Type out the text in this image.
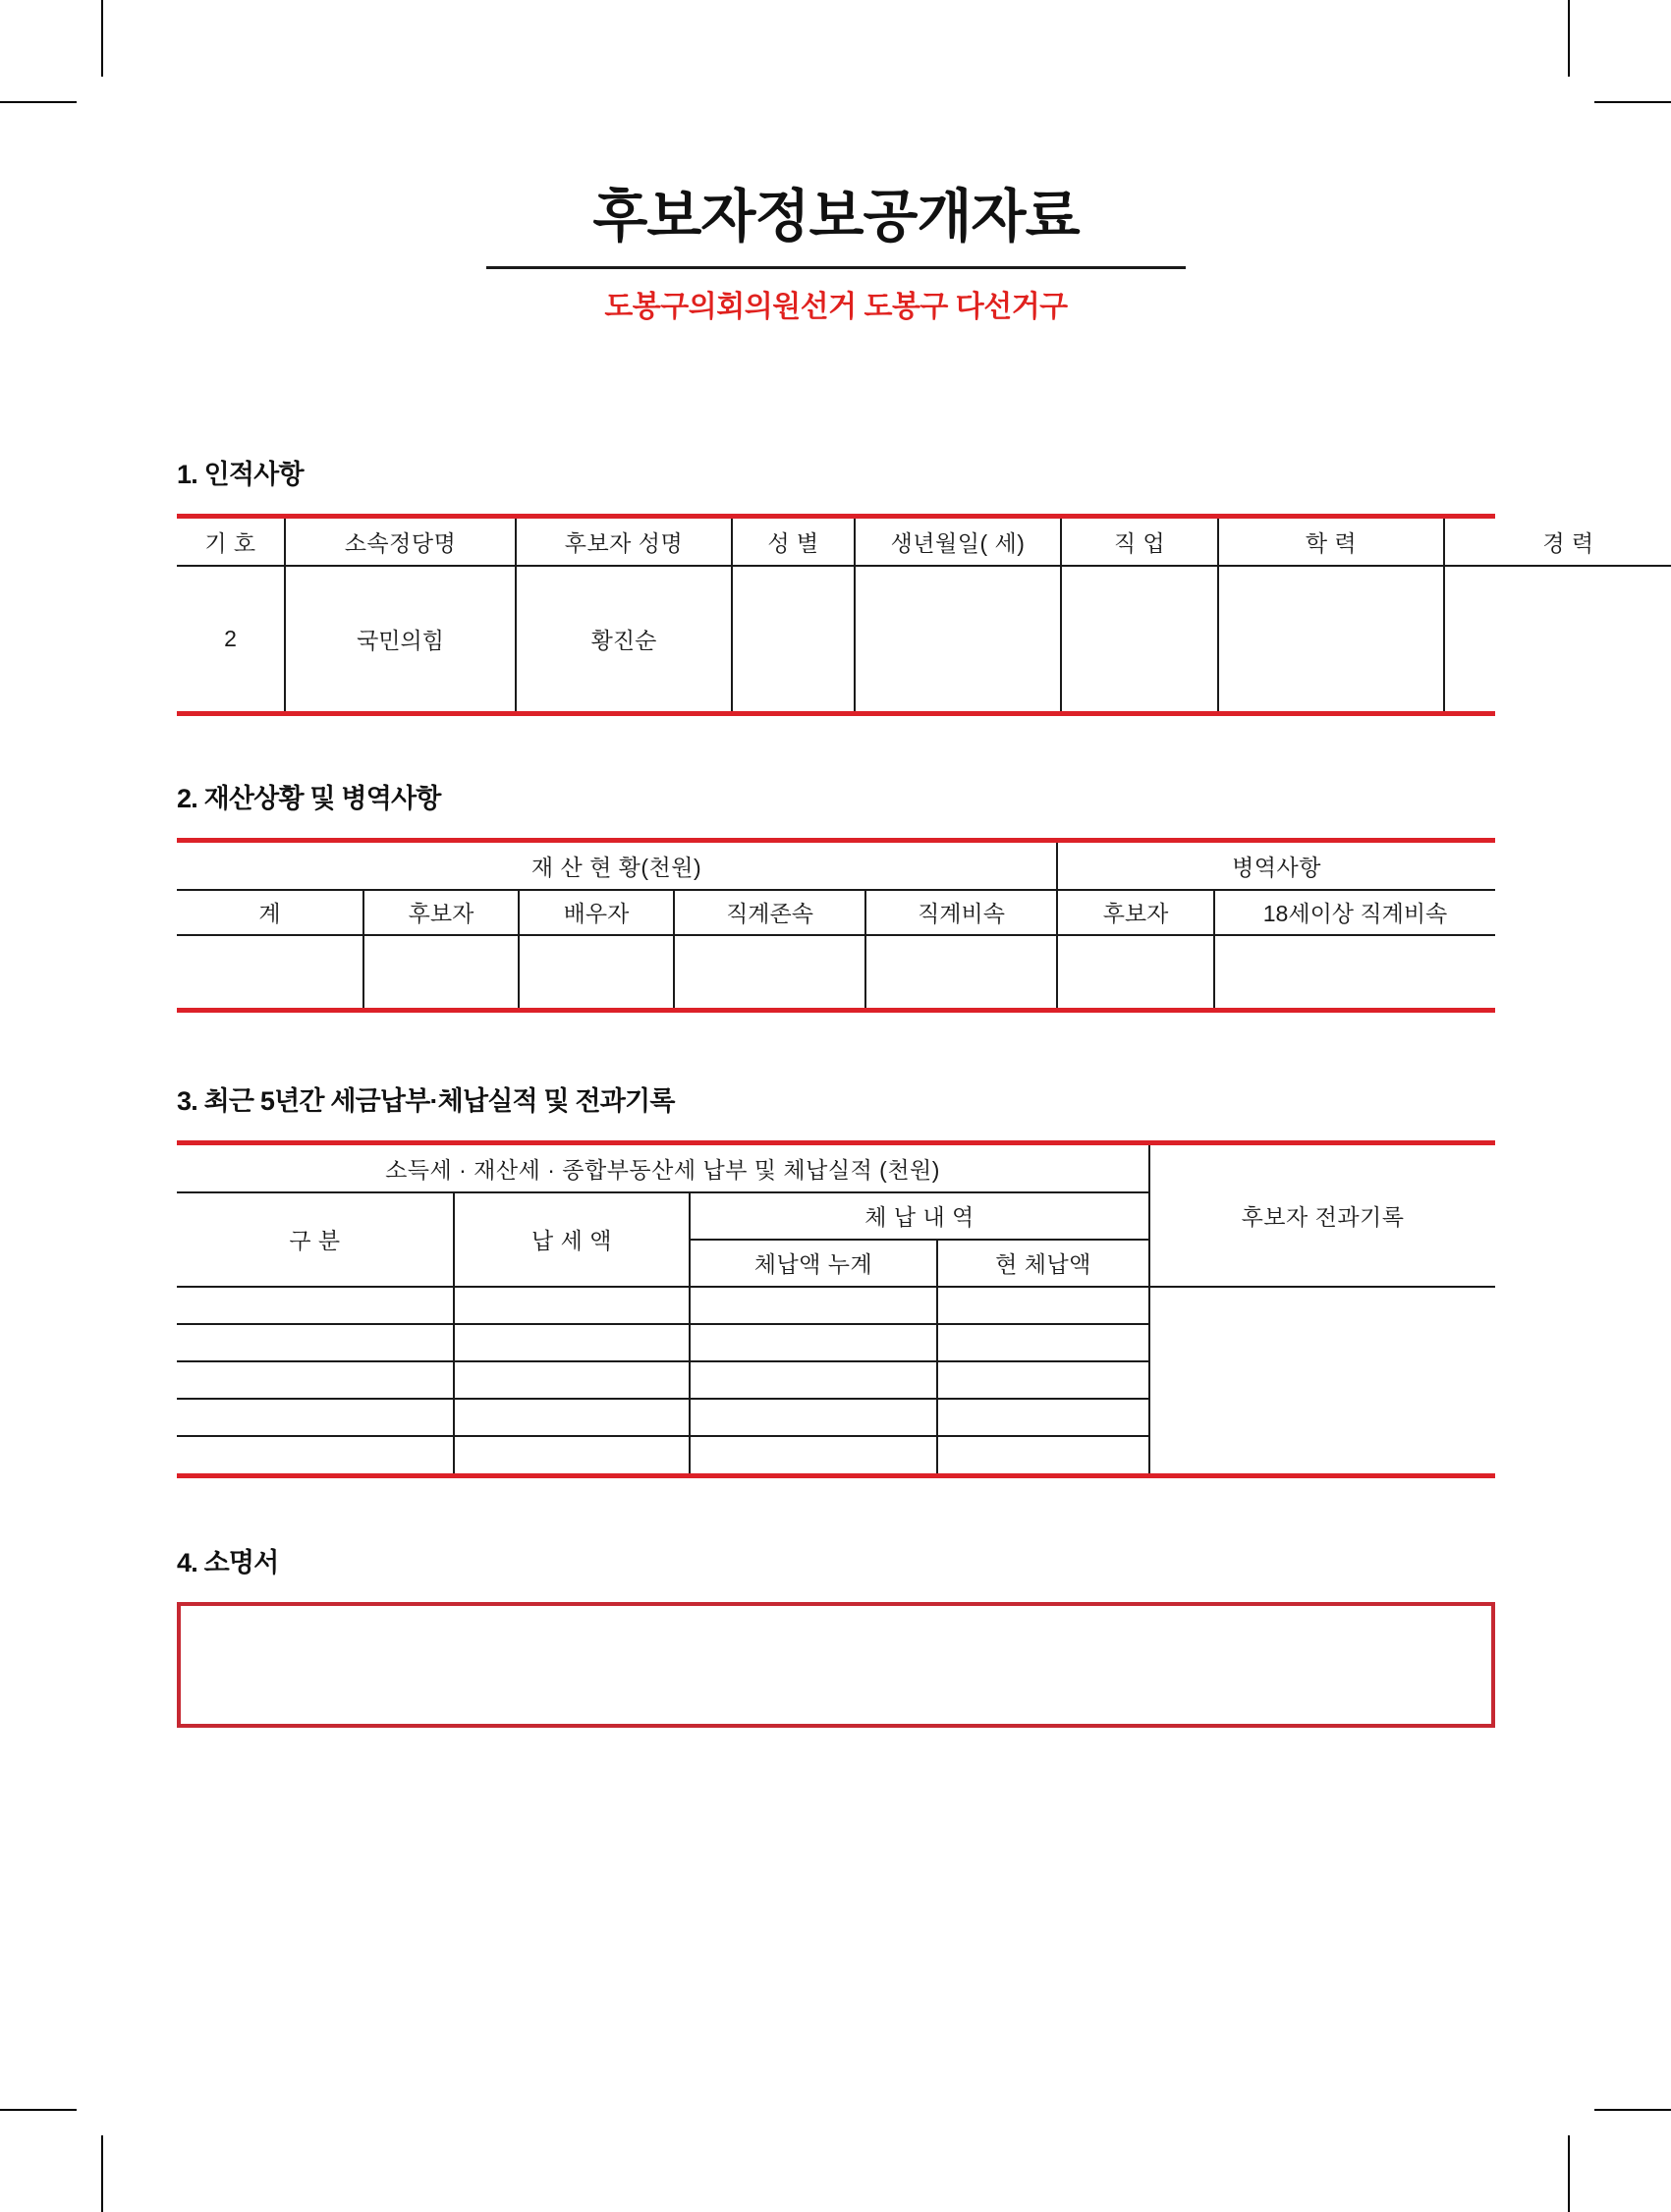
후보자정보공개자료

도봉구의회의원선거 도봉구 다선거구

1. 인적사항
기 호	소속정당명	후보자 성명	성 별	생년월일( 세)	직 업	학 력	경 력
2	국민의힘	황진순					
2. 재산상황 및 병역사항
재 산 현 황(천원)					병역사항	
계	후보자	배우자	직계존속	직계비속	후보자	18세이상 직계비속

3. 최근 5년간 세금납부·체납실적 및 전과기록
소득세 · 재산세 · 종합부동산세 납부 및 체납실적 (천원)				후보자 전과기록
구 분	납 세 액	체 납 내 역		
		체납액 누계	현 체납액	

4. 소명서
